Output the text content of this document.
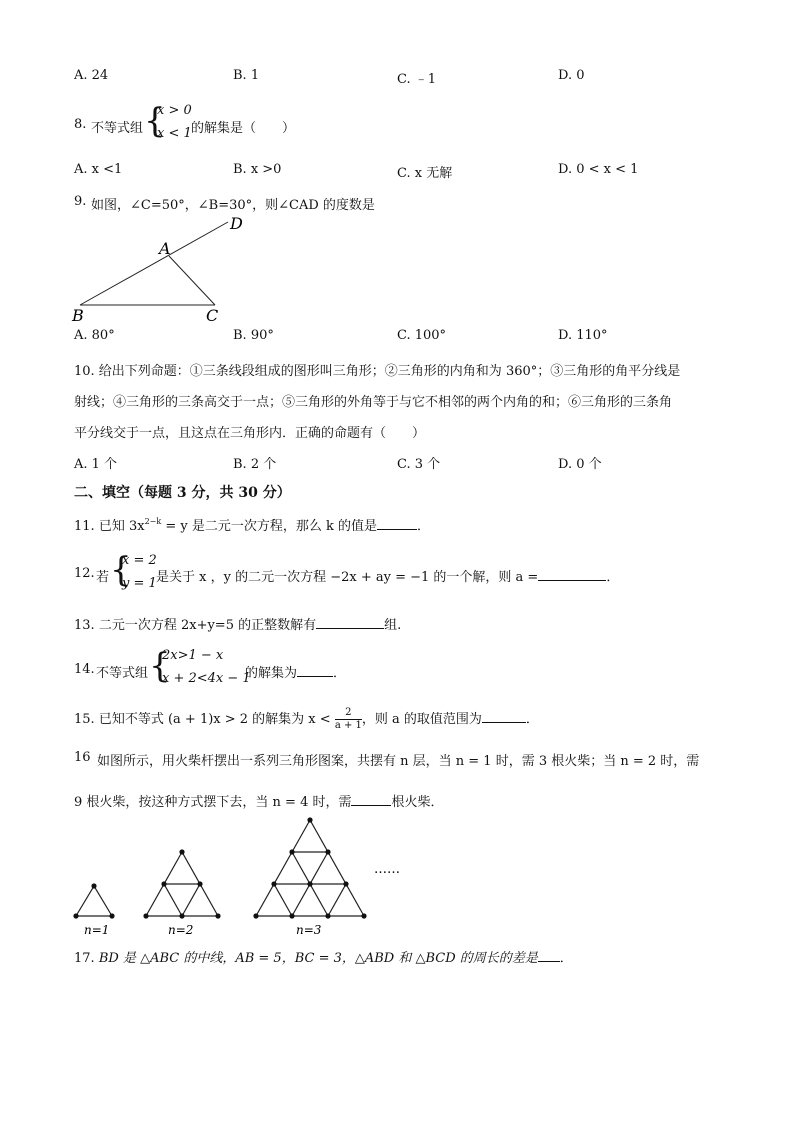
A. 24	B. 1	C. ﹣1	D. 0
8. 不等式组 {
x > 0
x < 1 的解集是（　　）
A. x <1	B. x >0	C. x 无解	D. 0 < x < 1
9. 如图，∠C=50°，∠B=30°，则∠CAD 的度数是
D
A
B	C
A. 80°	B. 90°	C. 100°	D. 110°
10. 给出下列命题：①三条线段组成的图形叫三角形；②三角形的内角和为 360°；③三角形的角平分线是
射线；④三角形的三条高交于一点；⑤三角形的外角等于与它不相邻的两个内角的和；⑥三角形的三条角
平分线交于一点，且这点在三角形内．正确的命题有（　　）
A. 1 个	B. 2 个	C. 3 个	D. 0 个
二、填空（每题 3 分，共 30 分）
11. 已知 $3x^{2-k} = y$ 是二元一次方程，那么 k 的值是	．
12. 若 {
x = 2
y = 1 是关于 x ，y 的二元一次方程 −2x + ay = −1 的一个解，则 a =	．
13. 二元一次方程 2x+y=5 的正整数解有	组.
14. 不等式组 {
2x>1 − x
x + 2<4x − 1
的解集为	．
15. 已知不等式 (a + 1)x > 2 的解集为 $x < \frac{2}{a + 1}$ ，则 a 的取值范围为	．
16 如图所示，用火柴杆摆出一系列三角形图案，共摆有 n 层，当 n = 1 时，需 3 根火柴；当 n = 2 时，需
9 根火柴，按这种方式摆下去，当 n = 4 时，需	根火柴．
……
n=1	n=2	n=3
17. BD 是 △ABC 的中线，AB = 5，BC = 3，△ABD 和 △BCD 的周长的差是 ．
